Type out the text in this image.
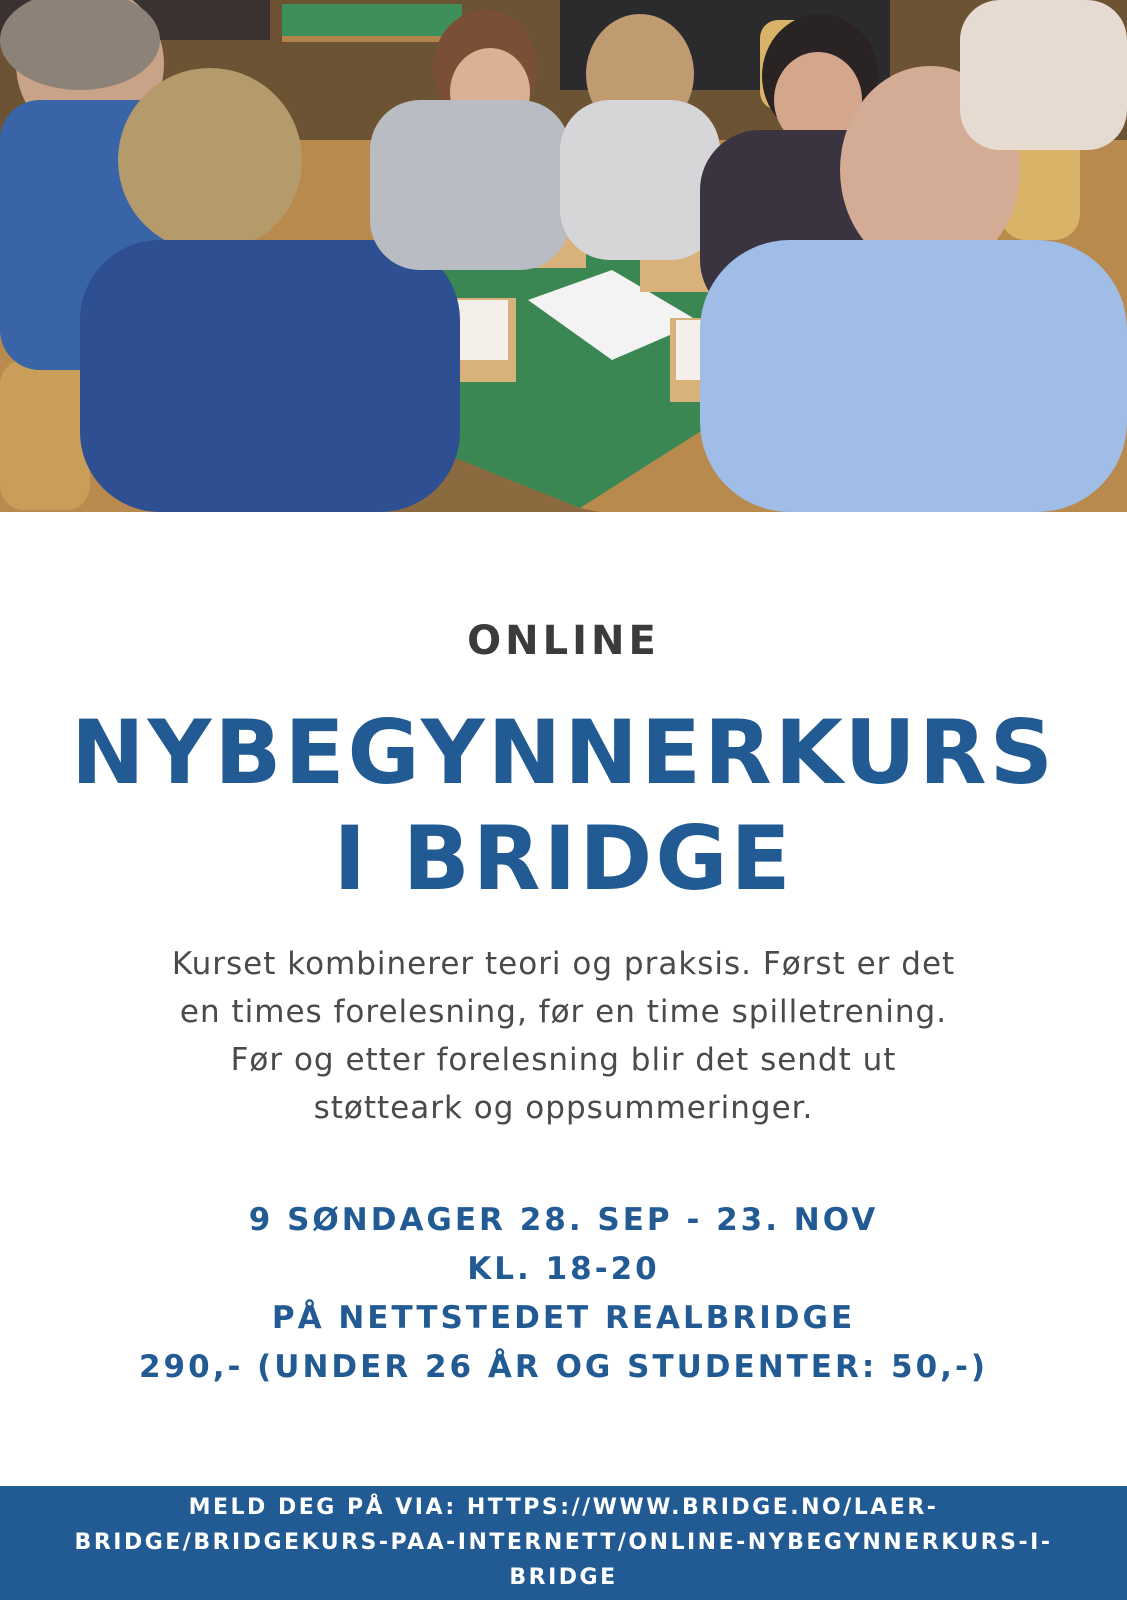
ONLINE
NYBEGYNNERKURS
I BRIDGE
Kurset kombinerer teori og praksis. Først er det
en times forelesning, før en time spilletrening.
Før og etter forelesning blir det sendt ut
støtteark og oppsummeringer.
9 SØNDAGER 28. SEP - 23. NOV
KL. 18-20
PÅ NETTSTEDET REALBRIDGE
290,- (UNDER 26 ÅR OG STUDENTER: 50,-)
MELD DEG PÅ VIA: HTTPS://WWW.BRIDGE.NO/LAER-
BRIDGE/BRIDGEKURS-PAA-INTERNETT/ONLINE-NYBEGYNNERKURS-I-
BRIDGE
